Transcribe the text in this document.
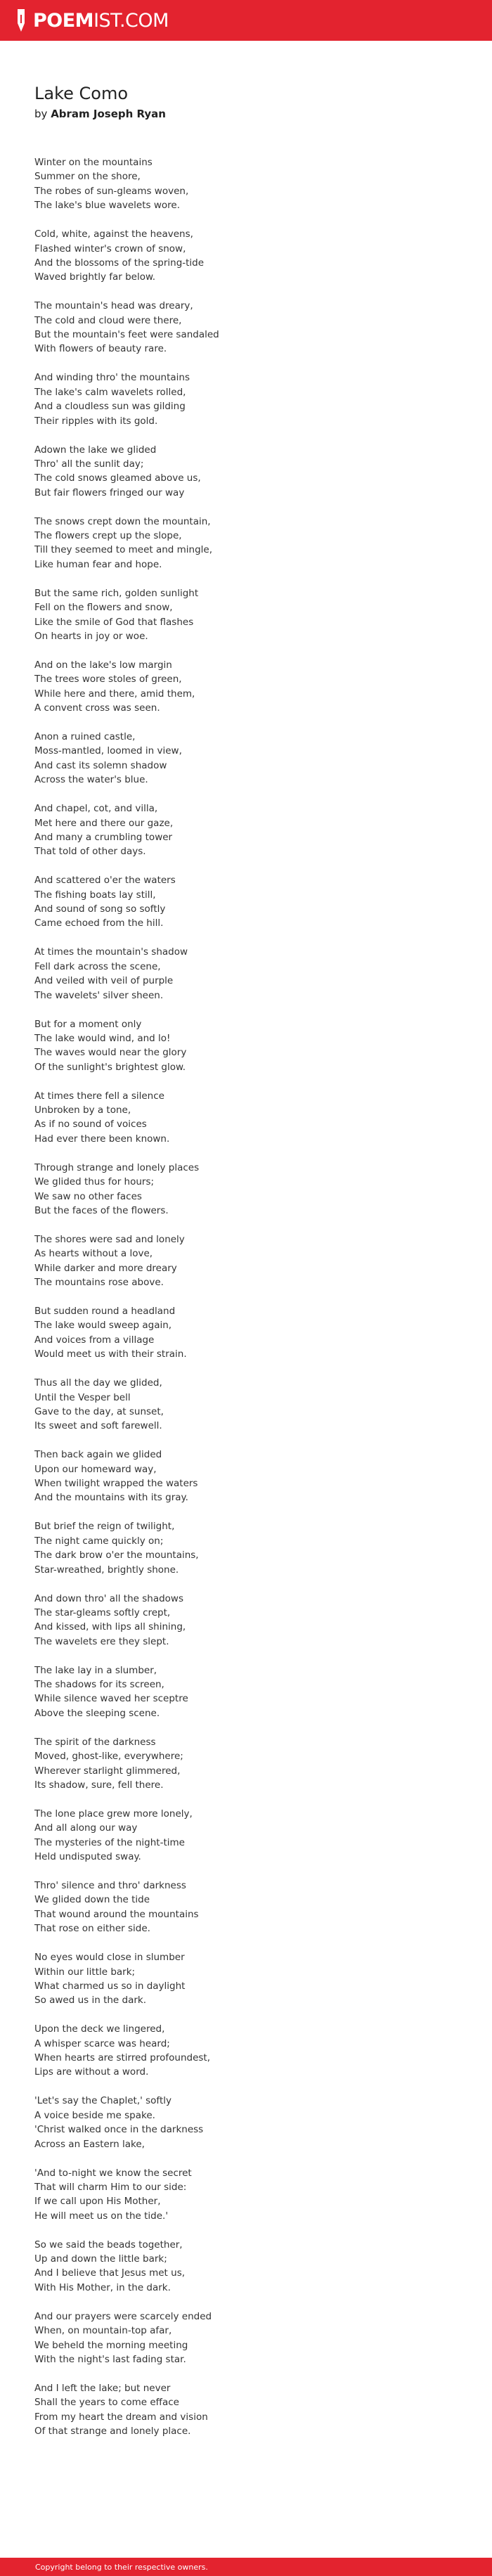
POEMIST.COM
Lake Como
by Abram Joseph Ryan
Winter on the mountains
Summer on the shore,
The robes of sun-gleams woven,
The lake's blue wavelets wore.
Cold, white, against the heavens,
Flashed winter's crown of snow,
And the blossoms of the spring-tide
Waved brightly far below.
The mountain's head was dreary,
The cold and cloud were there,
But the mountain's feet were sandaled
With flowers of beauty rare.
And winding thro' the mountains
The lake's calm wavelets rolled,
And a cloudless sun was gilding
Their ripples with its gold.
Adown the lake we glided
Thro' all the sunlit day;
The cold snows gleamed above us,
But fair flowers fringed our way
The snows crept down the mountain,
The flowers crept up the slope,
Till they seemed to meet and mingle,
Like human fear and hope.
But the same rich, golden sunlight
Fell on the flowers and snow,
Like the smile of God that flashes
On hearts in joy or woe.
And on the lake's low margin
The trees wore stoles of green,
While here and there, amid them,
A convent cross was seen.
Anon a ruined castle,
Moss-mantled, loomed in view,
And cast its solemn shadow
Across the water's blue.
And chapel, cot, and villa,
Met here and there our gaze,
And many a crumbling tower
That told of other days.
And scattered o'er the waters
The fishing boats lay still,
And sound of song so softly
Came echoed from the hill.
At times the mountain's shadow
Fell dark across the scene,
And veiled with veil of purple
The wavelets' silver sheen.
But for a moment only
The lake would wind, and lo!
The waves would near the glory
Of the sunlight's brightest glow.
At times there fell a silence
Unbroken by a tone,
As if no sound of voices
Had ever there been known.
Through strange and lonely places
We glided thus for hours;
We saw no other faces
But the faces of the flowers.
The shores were sad and lonely
As hearts without a love,
While darker and more dreary
The mountains rose above.
But sudden round a headland
The lake would sweep again,
And voices from a village
Would meet us with their strain.
Thus all the day we glided,
Until the Vesper bell
Gave to the day, at sunset,
Its sweet and soft farewell.
Then back again we glided
Upon our homeward way,
When twilight wrapped the waters
And the mountains with its gray.
But brief the reign of twilight,
The night came quickly on;
The dark brow o'er the mountains,
Star-wreathed, brightly shone.
And down thro' all the shadows
The star-gleams softly crept,
And kissed, with lips all shining,
The wavelets ere they slept.
The lake lay in a slumber,
The shadows for its screen,
While silence waved her sceptre
Above the sleeping scene.
The spirit of the darkness
Moved, ghost-like, everywhere;
Wherever starlight glimmered,
Its shadow, sure, fell there.
The lone place grew more lonely,
And all along our way
The mysteries of the night-time
Held undisputed sway.
Thro' silence and thro' darkness
We glided down the tide
That wound around the mountains
That rose on either side.
No eyes would close in slumber
Within our little bark;
What charmed us so in daylight
So awed us in the dark.
Upon the deck we lingered,
A whisper scarce was heard;
When hearts are stirred profoundest,
Lips are without a word.
'Let's say the Chaplet,' softly
A voice beside me spake.
'Christ walked once in the darkness
Across an Eastern lake,
'And to-night we know the secret
That will charm Him to our side:
If we call upon His Mother,
He will meet us on the tide.'
So we said the beads together,
Up and down the little bark;
And I believe that Jesus met us,
With His Mother, in the dark.
And our prayers were scarcely ended
When, on mountain-top afar,
We beheld the morning meeting
With the night's last fading star.
And I left the lake; but never
Shall the years to come efface
From my heart the dream and vision
Of that strange and lonely place.
Copyright belong to their respective owners.
